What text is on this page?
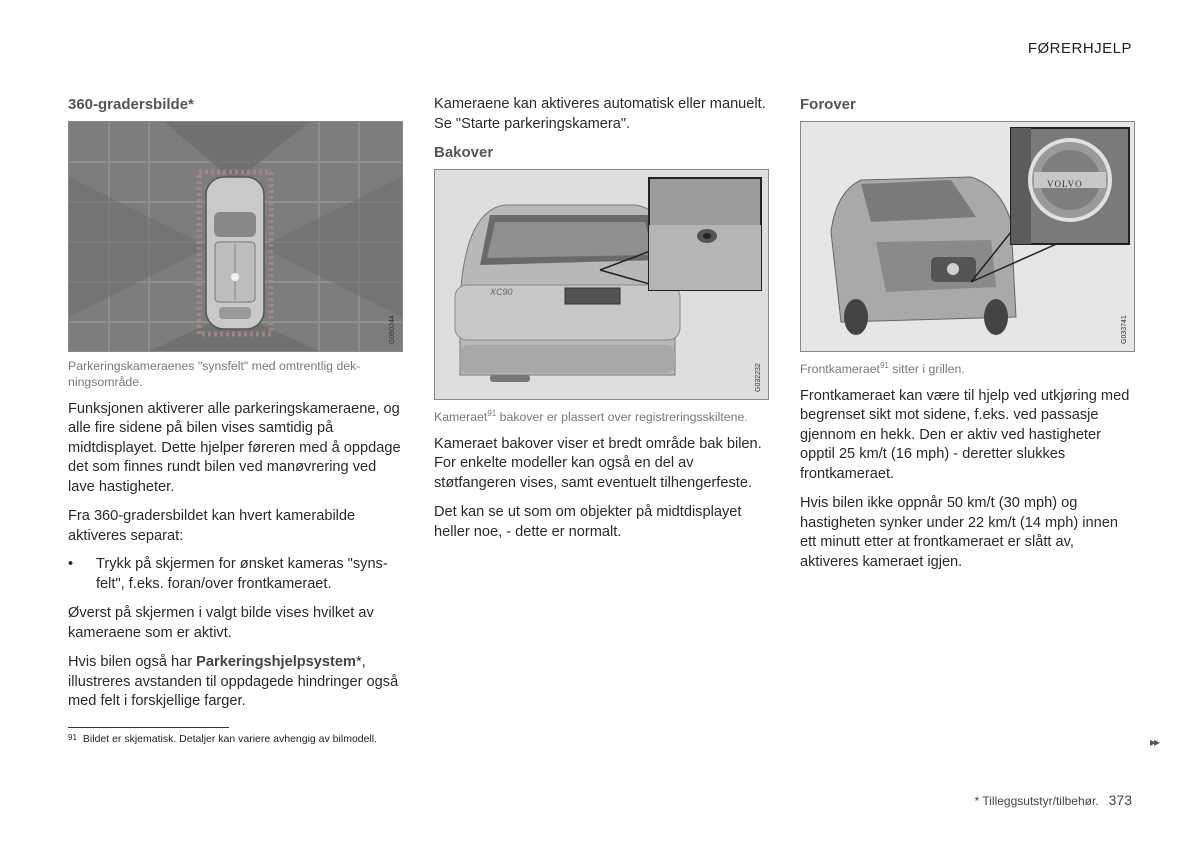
FØRERHJELP
360-gradersbilde*
G060244
Parkeringskameraenes "synsfelt" med omtrentlig dekningsområde.

Funksjonen aktiverer alle parkeringskameraene, og alle fire sidene på bilen vises samtidig på midtdisplayet. Dette hjelper føreren med å oppdage det som finnes rundt bilen ved manøvrering ved lave hastigheter.

Fra 360-gradersbildet kan hvert kamerabilde aktiveres separat:

• Trykk på skjermen for ønsket kameras "synsfelt", f.eks. foran/over frontkameraet.

Øverst på skjermen i valgt bilde vises hvilket av kameraene som er aktivt.

Hvis bilen også har Parkeringshjelpsystem*, illustreres avstanden til oppdagede hindringer også med felt i forskjellige farger.

Kameraene kan aktiveres automatisk eller manuelt. Se "Starte parkeringskamera".
Bakover
XC90
G032232
Kameraet$^{91}$ bakover er plassert over registreringsskiltene.

Kameraet bakover viser et bredt område bak bilen. For enkelte modeller kan også en del av støtfangeren vises, samt eventuelt tilhengerfeste.

Det kan se ut som om objekter på midtdisplayet heller noe, - dette er normalt.

Forover
VOLVO
G033741
Frontkameraet$^{91}$ sitter i grillen.

Frontkameraet kan være til hjelp ved utkjøring med begrenset sikt mot sidene, f.eks. ved passasje gjennom en hekk. Den er aktiv ved hastigheter opptil 25 km/t (16 mph) - deretter slukkes frontkameraet.

Hvis bilen ikke oppnår 50 km/t (30 mph) og hastigheten synker under 22 km/t (14 mph) innen ett minutt etter at frontkameraet er slått av, aktiveres kameraet igjen.

$^{91}$ Bildet er skjematisk. Detaljer kan variere avhengig av bilmodell.	▸▸
* Tilleggsutstyr/tilbehør. 373
